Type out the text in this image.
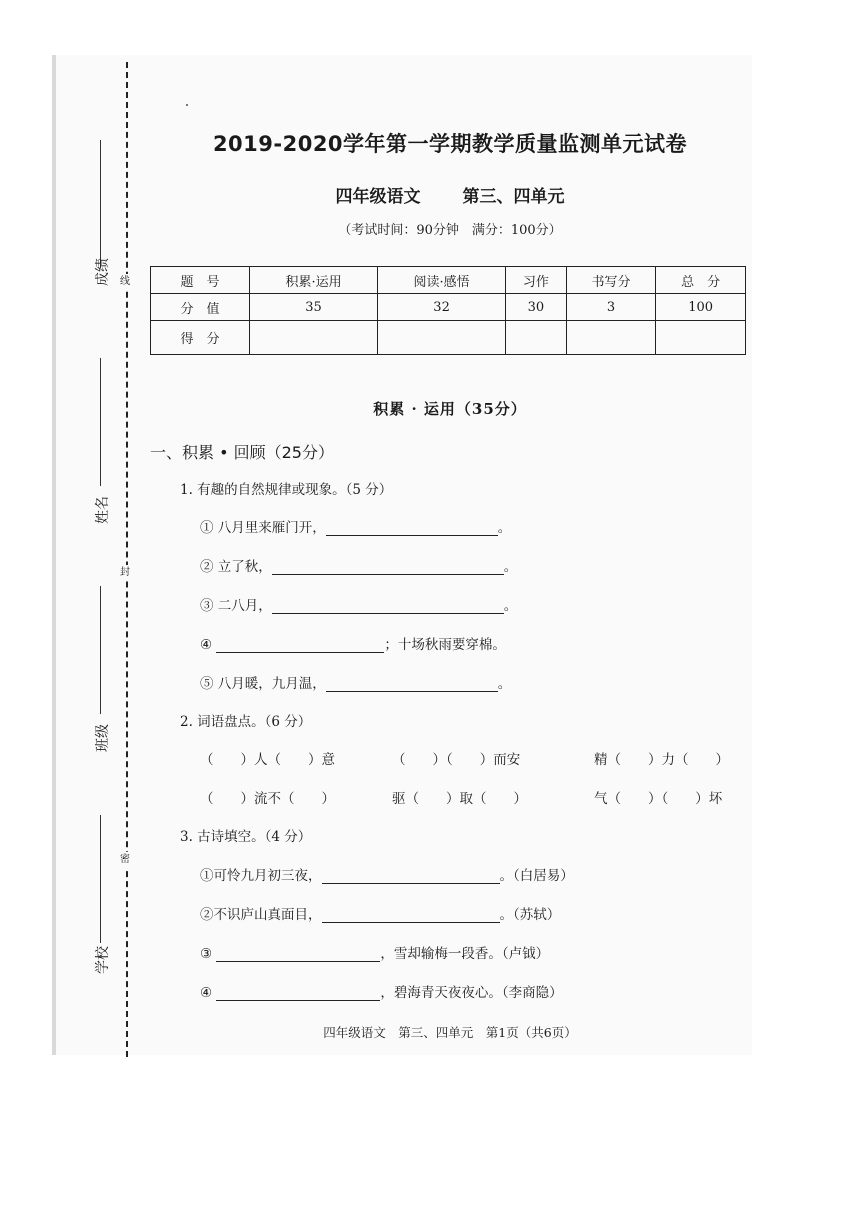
线
封
密
成绩
姓名
班级
学校
2019-2020学年第一学期教学质量监测单元试卷
四年级语文 第三、四单元
（考试时间：90分钟　满分：100分）
题　号	积累·运用	阅读·感悟	习作	书写分	总　分
分　值	35	32	30	3	100
得　分					
积累 · 运用（35分）
一、积累 • 回顾（25分）
1. 有趣的自然规律或现象。（5 分）
① 八月里来雁门开，	。
② 立了秋，	。
③ 二八月，	。
④	；十场秋雨要穿棉。
⑤ 八月暖，九月温，	。
2. 词语盘点。（6 分）
（　　）人（　　）意	（　　）（　　）而安	精（　　）力（　　）
（　　）流不（　　）	驱（　　）取（　　）	气（　　）（　　）坏
3. 古诗填空。（4 分）
①可怜九月初三夜，	。（白居易）
②不识庐山真面目，	。（苏轼）
③	，雪却输梅一段香。（卢钺）
④	，碧海青天夜夜心。（李商隐）
四年级语文　第三、四单元　第1页（共6页）
